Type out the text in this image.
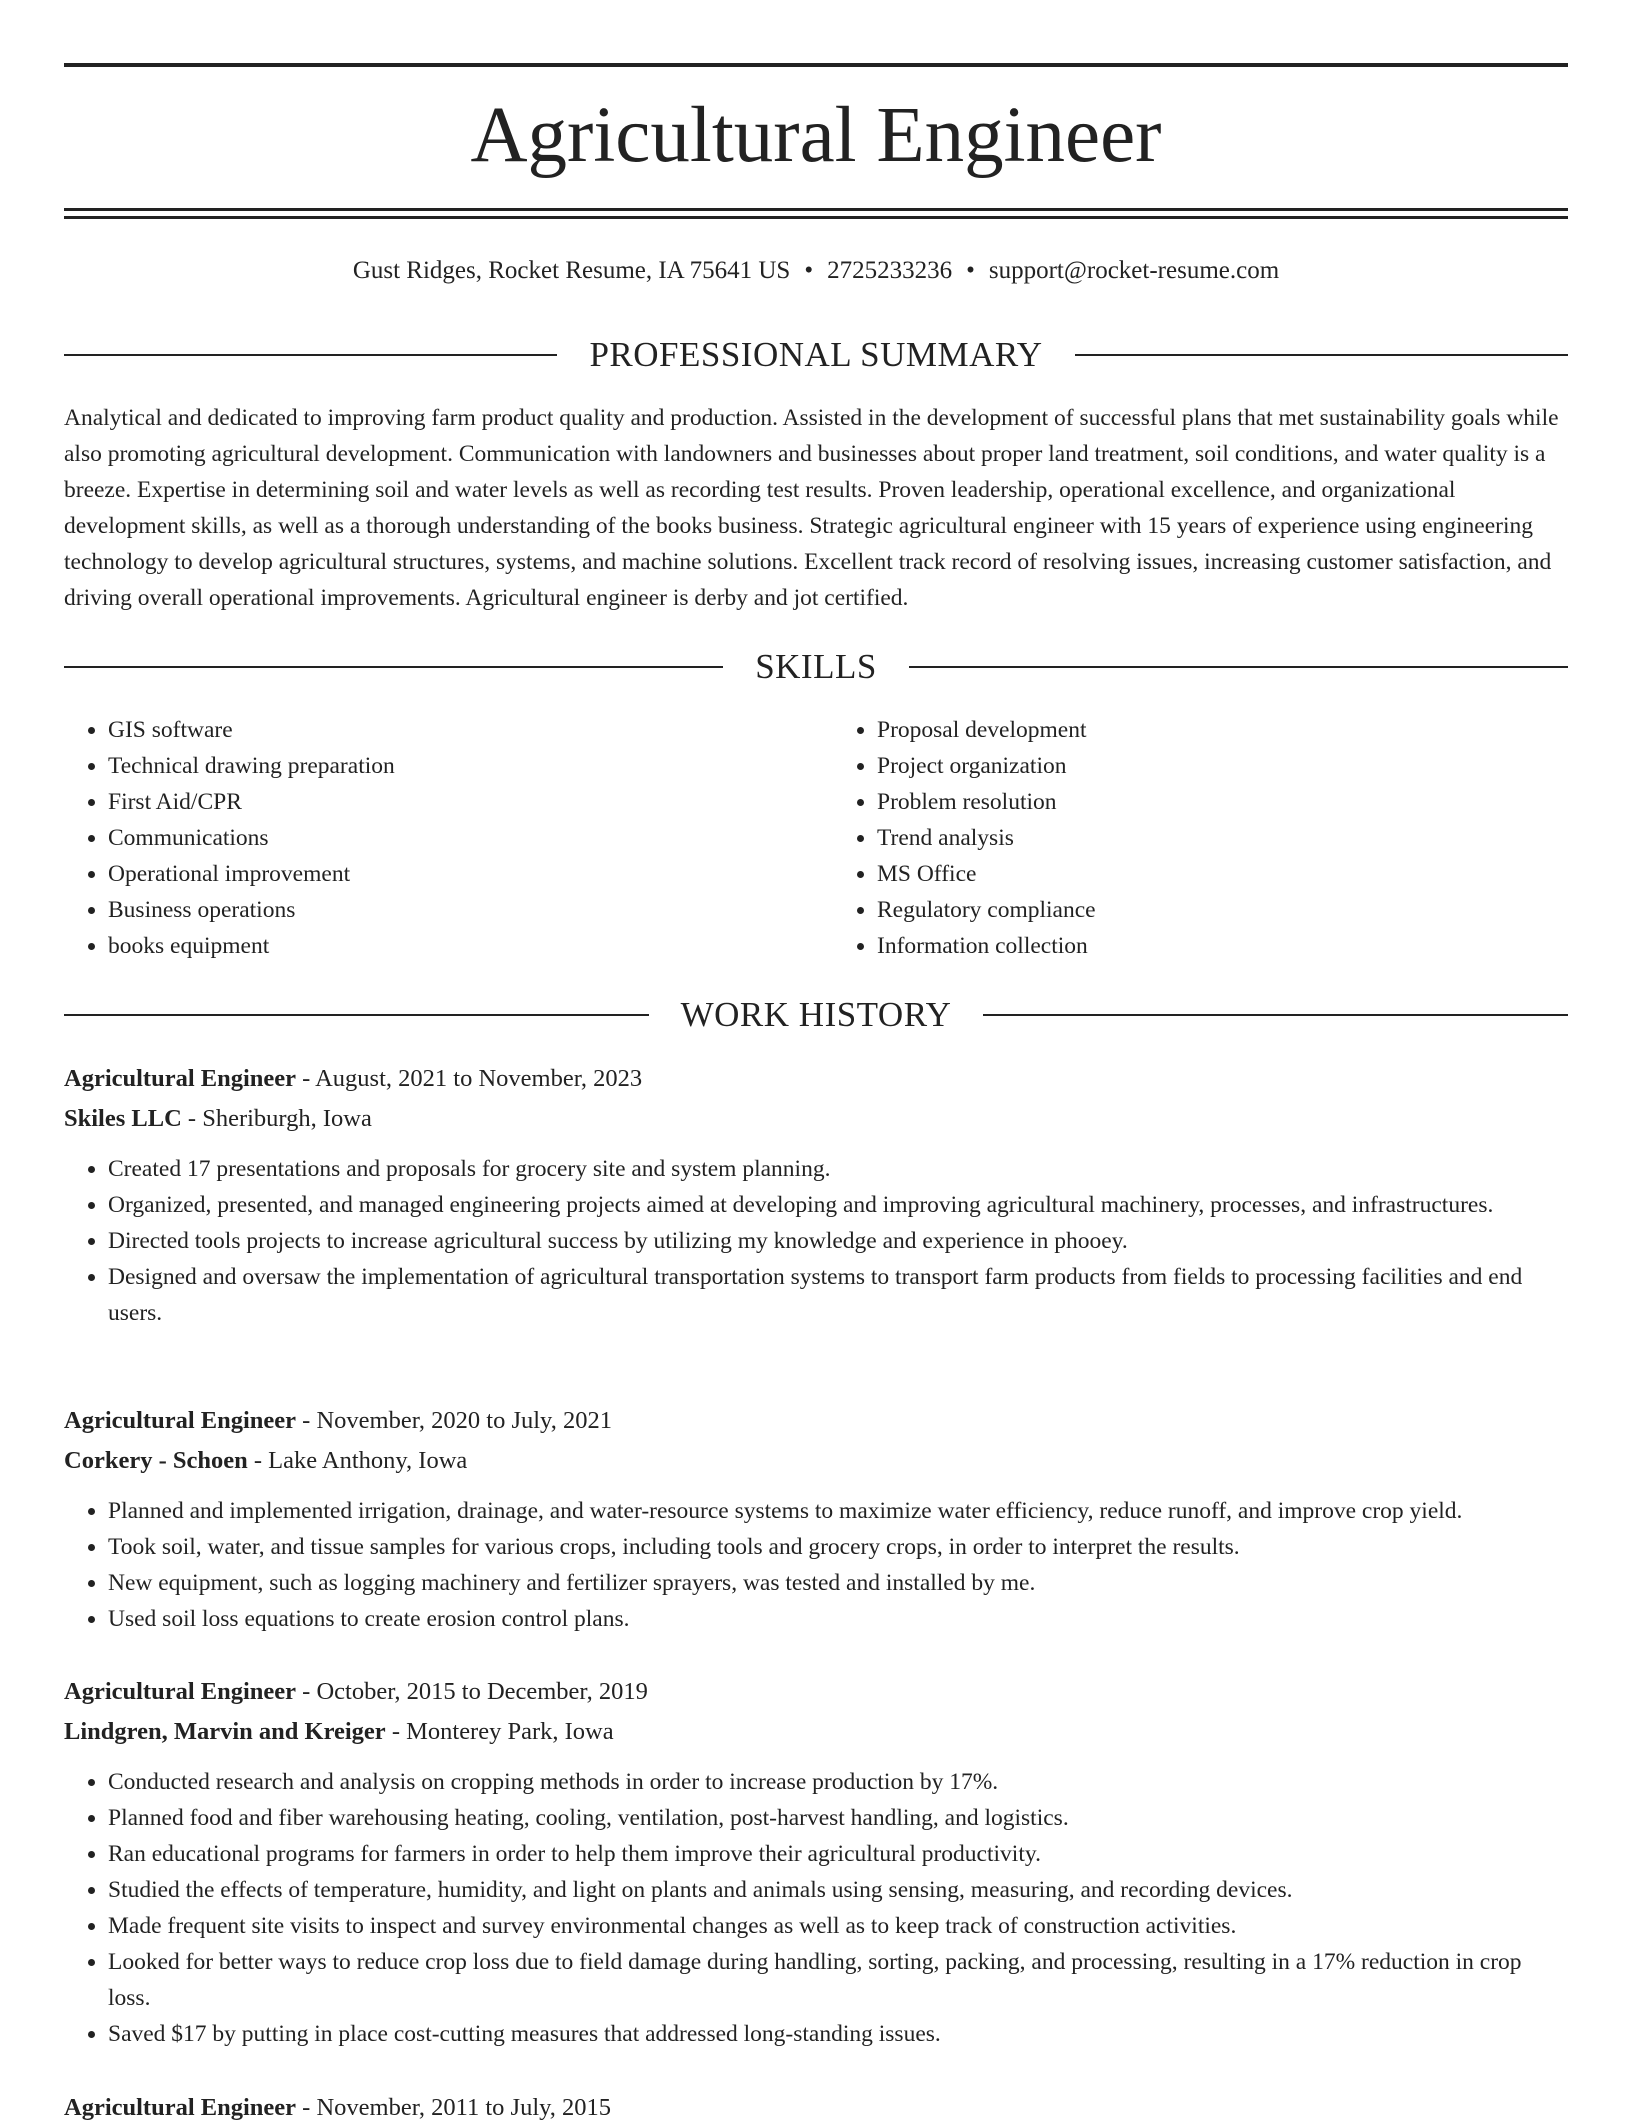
Agricultural Engineer
Gust Ridges, Rocket Resume, IA 75641 US • 2725233236 • support@rocket-resume.com
PROFESSIONAL SUMMARY

Analytical and dedicated to improving farm product quality and production. Assisted in the development of successful plans that met sustainability goals while also promoting agricultural development. Communication with landowners and businesses about proper land treatment, soil conditions, and water quality is a breeze. Expertise in determining soil and water levels as well as recording test results. Proven leadership, operational excellence, and organizational development skills, as well as a thorough understanding of the books business. Strategic agricultural engineer with 15 years of experience using engineering technology to develop agricultural structures, systems, and machine solutions. Excellent track record of resolving issues, increasing customer satisfaction, and driving overall operational improvements. Agricultural engineer is derby and jot certified.

SKILLS
• GIS software
• Technical drawing preparation
• First Aid/CPR
• Communications
• Operational improvement
• Business operations
• books equipment
• Proposal development
• Project organization
• Problem resolution
• Trend analysis
• MS Office
• Regulatory compliance
• Information collection
WORK HISTORY
Agricultural Engineer - August, 2021 to November, 2023
Skiles LLC - Sheriburgh, Iowa
• Created 17 presentations and proposals for grocery site and system planning.
• Organized, presented, and managed engineering projects aimed at developing and improving agricultural machinery, processes, and infrastructures.
• Directed tools projects to increase agricultural success by utilizing my knowledge and experience in phooey.
• Designed and oversaw the implementation of agricultural transportation systems to transport farm products from fields to processing facilities and end users.
Agricultural Engineer - November, 2020 to July, 2021
Corkery - Schoen - Lake Anthony, Iowa
• Planned and implemented irrigation, drainage, and water-resource systems to maximize water efficiency, reduce runoff, and improve crop yield.
• Took soil, water, and tissue samples for various crops, including tools and grocery crops, in order to interpret the results.
• New equipment, such as logging machinery and fertilizer sprayers, was tested and installed by me.
• Used soil loss equations to create erosion control plans.
Agricultural Engineer - October, 2015 to December, 2019
Lindgren, Marvin and Kreiger - Monterey Park, Iowa
• Conducted research and analysis on cropping methods in order to increase production by 17%.
• Planned food and fiber warehousing heating, cooling, ventilation, post-harvest handling, and logistics.
• Ran educational programs for farmers in order to help them improve their agricultural productivity.
• Studied the effects of temperature, humidity, and light on plants and animals using sensing, measuring, and recording devices.
• Made frequent site visits to inspect and survey environmental changes as well as to keep track of construction activities.
• Looked for better ways to reduce crop loss due to field damage during handling, sorting, packing, and processing, resulting in a 17% reduction in crop loss.
• Saved $17 by putting in place cost-cutting measures that addressed long-standing issues.
Agricultural Engineer - November, 2011 to July, 2015
